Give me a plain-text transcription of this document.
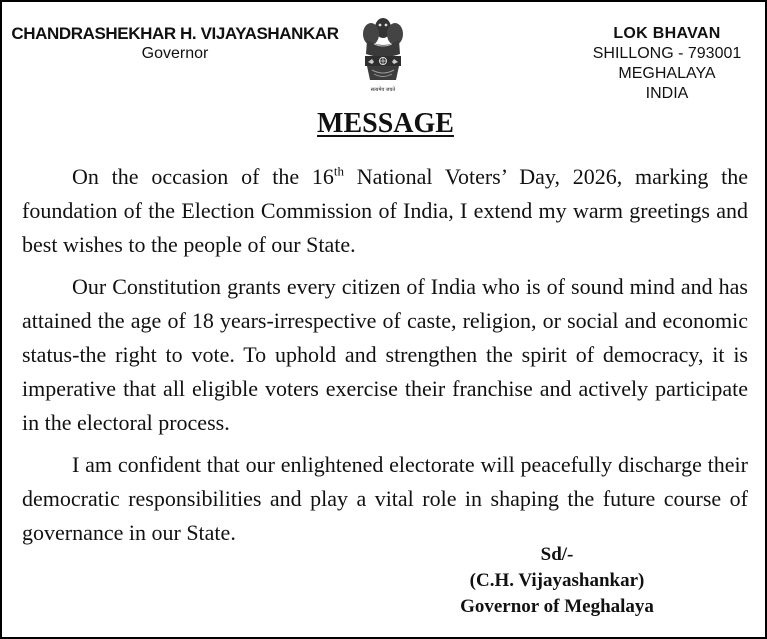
CHANDRASHEKHAR H. VIJAYASHANKAR
Governor
सत्यमेव जयते
LOK BHAVAN
SHILLONG - 793001
MEGHALAYA
INDIA
MESSAGE

On the occasion of the 16th National Voters’ Day, 2026, marking the foundation of the Election Commission of India, I extend my warm greetings and best wishes to the people of our State.

Our Constitution grants every citizen of India who is of sound mind and has attained the age of 18 years-irrespective of caste, religion, or social and economic status-the right to vote. To uphold and strengthen the spirit of democracy, it is imperative that all eligible voters exercise their franchise and actively participate in the electoral process.

I am confident that our enlightened electorate will peacefully discharge their democratic responsibilities and play a vital role in shaping the future course of governance in our State.

Sd/-
(C.H. Vijayashankar)
Governor of Meghalaya
